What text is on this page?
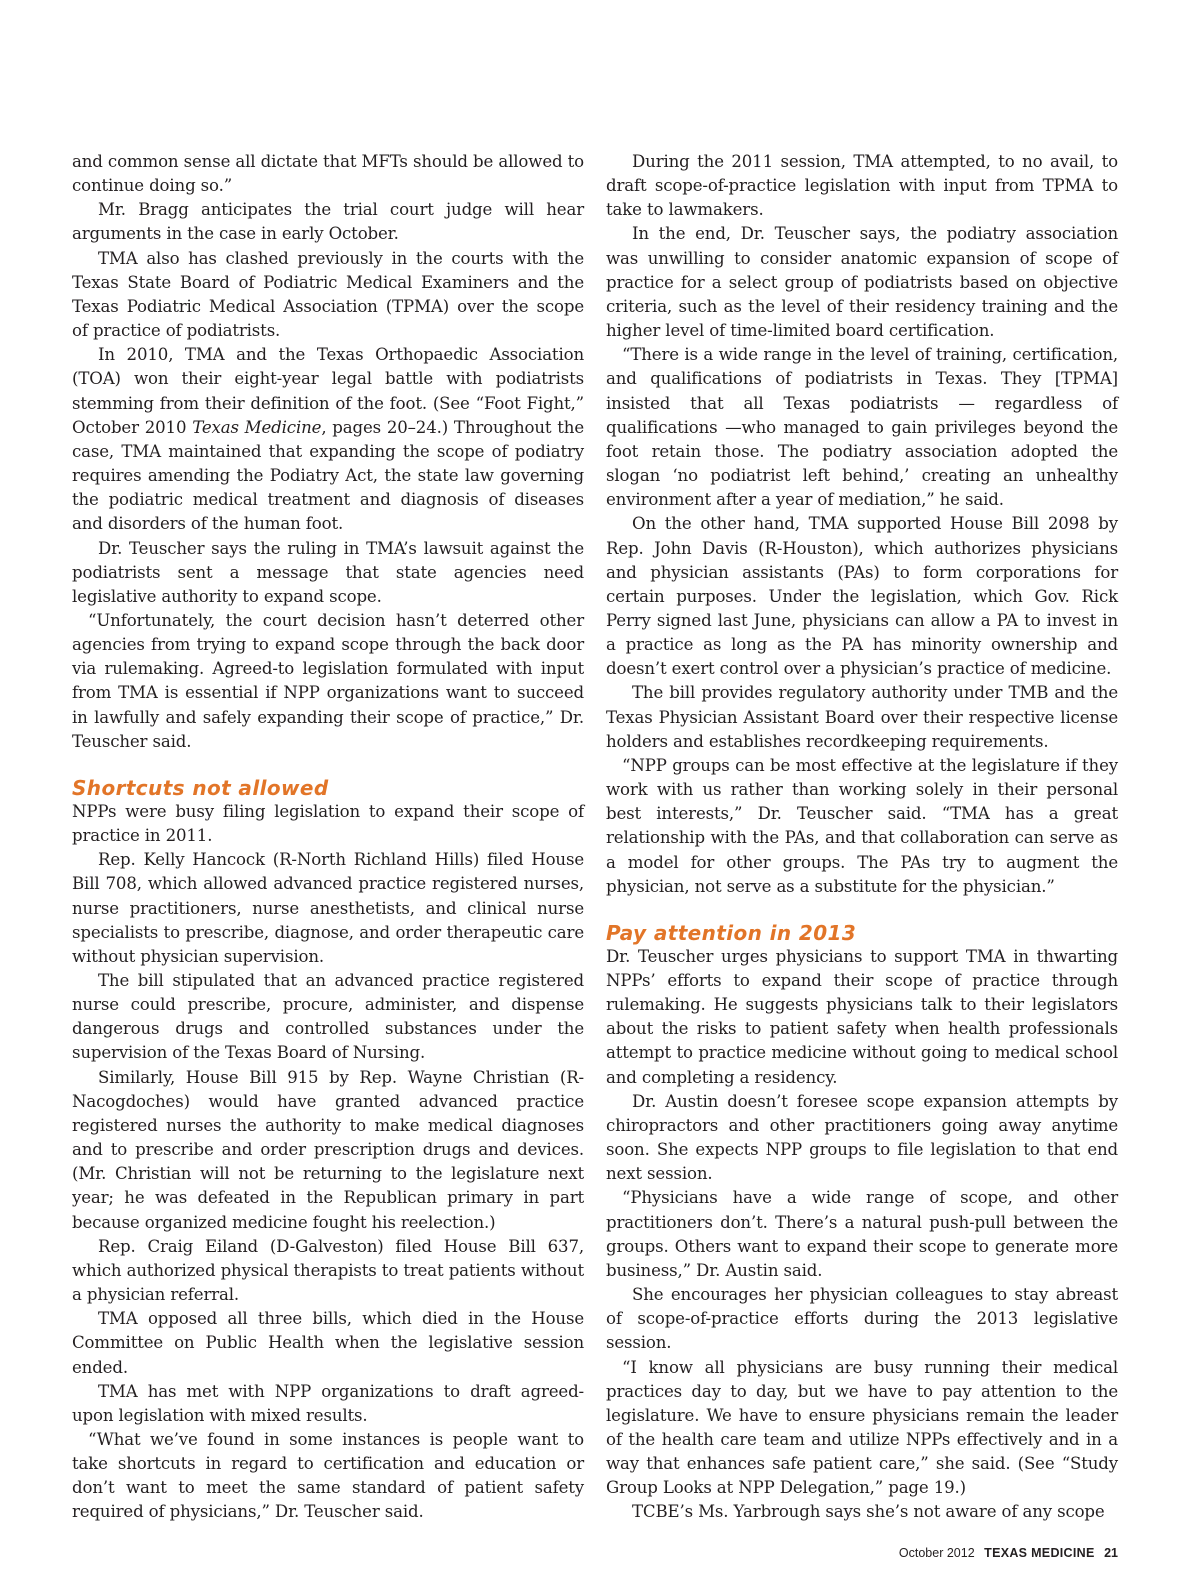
and common sense all dictate that MFTs should be allowed to continue doing so.”

Mr. Bragg anticipates the trial court judge will hear arguments in the case in early October.

TMA also has clashed previously in the courts with the Texas State Board of Podiatric Medical Examiners and the Texas Podiatric Medical Association (TPMA) over the scope of practice of podiatrists.

In 2010, TMA and the Texas Orthopaedic Association (TOA) won their eight-year legal battle with podiatrists stemming from their definition of the foot. (See “Foot Fight,” October 2010 Texas Medicine, pages 20–24.) Throughout the case, TMA maintained that expanding the scope of podiatry requires amending the Podiatry Act, the state law governing the podiatric medical treatment and diagnosis of diseases and disorders of the human foot.

Dr. Teuscher says the ruling in TMA’s lawsuit against the podiatrists sent a message that state agencies need legislative authority to expand scope.

“Unfortunately, the court decision hasn’t deterred other agencies from trying to expand scope through the back door via rulemaking. Agreed-to legislation formulated with input from TMA is essential if NPP organizations want to succeed in lawfully and safely expanding their scope of practice,” Dr. Teuscher said.

Shortcuts not allowed

NPPs were busy filing legislation to expand their scope of practice in 2011.

Rep. Kelly Hancock (R-North Richland Hills) filed House Bill 708, which allowed advanced practice registered nurses, nurse practitioners, nurse anesthetists, and clinical nurse specialists to prescribe, diagnose, and order therapeutic care without physician supervision.

The bill stipulated that an advanced practice registered nurse could prescribe, procure, administer, and dispense dangerous drugs and controlled substances under the supervision of the Texas Board of Nursing.

Similarly, House Bill 915 by Rep. Wayne Christian (R-Nacogdoches) would have granted advanced practice registered nurses the authority to make medical diagnoses and to prescribe and order prescription drugs and devices. (Mr. Christian will not be returning to the legislature next year; he was defeated in the Republican primary in part because organized medicine fought his reelection.)

Rep. Craig Eiland (D-Galveston) filed House Bill 637, which authorized physical therapists to treat patients without a physician referral.

TMA opposed all three bills, which died in the House Committee on Public Health when the legislative session ended.

TMA has met with NPP organizations to draft agreed-upon legislation with mixed results.

“What we’ve found in some instances is people want to take shortcuts in regard to certification and education or don’t want to meet the same standard of patient safety required of physicians,” Dr. Teuscher said.

During the 2011 session, TMA attempted, to no avail, to draft scope-of-practice legislation with input from TPMA to take to lawmakers.

In the end, Dr. Teuscher says, the podiatry association was unwilling to consider anatomic expansion of scope of practice for a select group of podiatrists based on objective criteria, such as the level of their residency training and the higher level of time-limited board certification.

“There is a wide range in the level of training, certification, and qualifications of podiatrists in Texas. They [TPMA] insisted that all Texas podiatrists — regardless of qualifications —who managed to gain privileges beyond the foot retain those. The podiatry association adopted the slogan ‘no podiatrist left behind,’ creating an unhealthy environment after a year of mediation,” he said.

On the other hand, TMA supported House Bill 2098 by Rep. John Davis (R-Houston), which authorizes physicians and physician assistants (PAs) to form corporations for certain purposes. Under the legislation, which Gov. Rick Perry signed last June, physicians can allow a PA to invest in a practice as long as the PA has minority ownership and doesn’t exert control over a physician’s practice of medicine.

The bill provides regulatory authority under TMB and the Texas Physician Assistant Board over their respective license holders and establishes recordkeeping requirements.

“NPP groups can be most effective at the legislature if they work with us rather than working solely in their personal best interests,” Dr. Teuscher said. “TMA has a great relationship with the PAs, and that collaboration can serve as a model for other groups. The PAs try to augment the physician, not serve as a substitute for the physician.”

Pay attention in 2013

Dr. Teuscher urges physicians to support TMA in thwarting NPPs’ efforts to expand their scope of practice through rulemaking. He suggests physicians talk to their legislators about the risks to patient safety when health professionals attempt to practice medicine without going to medical school and completing a residency.

Dr. Austin doesn’t foresee scope expansion attempts by chiropractors and other practitioners going away anytime soon. She expects NPP groups to file legislation to that end next session.

“Physicians have a wide range of scope, and other practitioners don’t. There’s a natural push-pull between the groups. Others want to expand their scope to generate more business,” Dr. Austin said.

She encourages her physician colleagues to stay abreast of scope-of-practice efforts during the 2013 legislative session.

“I know all physicians are busy running their medical practices day to day, but we have to pay attention to the legislature. We have to ensure physicians remain the leader of the health care team and utilize NPPs effectively and in a way that enhances safe patient care,” she said. (See “Study Group Looks at NPP Delegation,” page 19.)

TCBE’s Ms. Yarbrough says she’s not aware of any scope

October 2012 TEXAS MEDICINE 21
